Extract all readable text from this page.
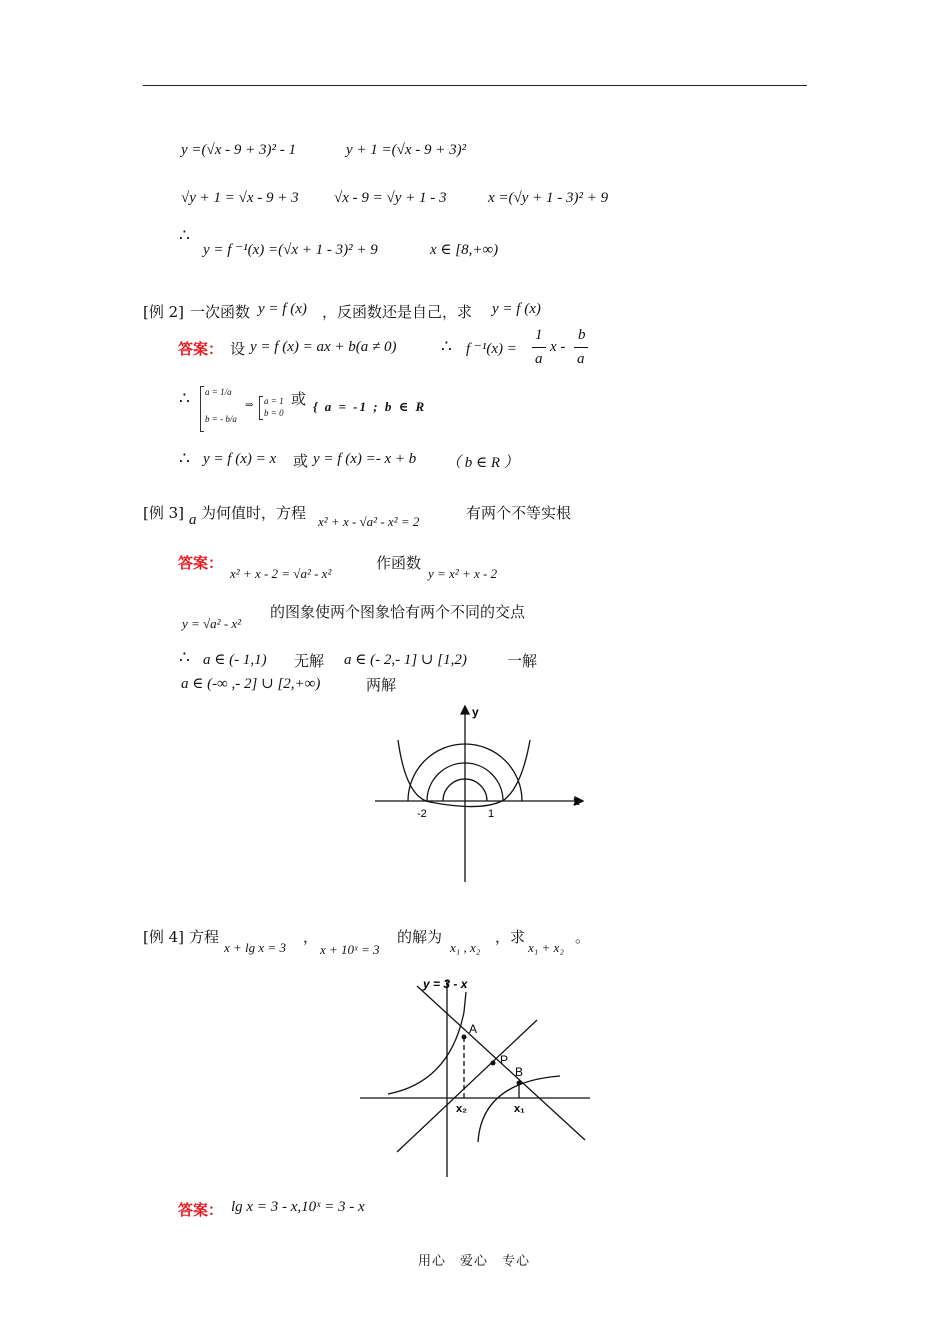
y =(√x - 9 + 3)² - 1	y + 1 =(√x - 9 + 3)²
√y + 1 = √x - 9 + 3 √x - 9 = √y + 1 - 3	x =(√y + 1 - 3)² + 9
∴
y = f ⁻¹(x) =(√x + 1 - 3)² + 9	x ∈ [8,+∞)
[例 2] 一次函数 y = f (x) ，反函数还是自己，求 y = f (x)
答案： 设 y = f (x) = ax + b(a ≠ 0)	∴ f ⁻¹(x) =
1
a
x -
b
a
∴ a = 1/a
b = - b/a
⇒ a = 1
b = 0
或 { a = -1 ; b ∈ R
∴ y = f (x) = x 或 y = f (x) =- x + b （ b ∈ R ）
[例 3] a 为何值时，方程 x² + x - √a² - x² = 2	有两个不等实根
答案：
x² + x - 2 = √a² - x²
作函数
y = x² + x - 2
y = √a² - x²
的图象使两个图象恰有两个不同的交点
∴ a ∈ (- 1,1) 无解 a ∈ (- 2,- 1] ∪ [1,2)	一解
a ∈ (-∞ ,- 2] ∪ [2,+∞)	两解
y
x
-2	1
[例 4] 方程
x + lg x = 3
，
x + 10ˣ = 3
的解为
x₁ , x₂
，求
x₁ + x₂
。
y = 3 - x
A
P
B
x₂	x₁
答案： lg x = 3 - x,10ˣ = 3 - x
用心　爱心　专心
